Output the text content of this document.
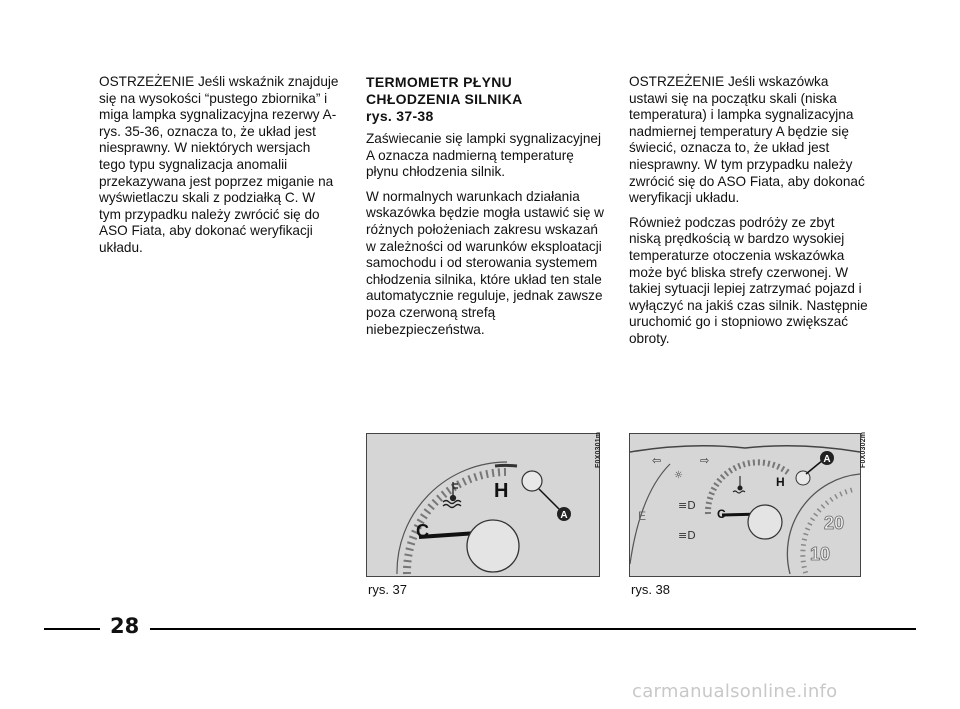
OSTRZEŻENIE Jeśli wskaźnik znajduje się na wysokości “pustego zbiornika” i miga lampka sygnalizacyjna rezerwy A-rys. 35-36, oznacza to, że układ jest niesprawny. W niektórych wersjach tego typu sygnalizacja anomalii przekazywana jest poprzez miganie na wyświetlaczu skali z podziałką C. W tym przypadku należy zwrócić się do ASO Fiata, aby dokonać weryfikacji układu.

TERMOMETR PŁYNU
CHŁODZENIA SILNIKA
rys. 37-38

Zaświecanie się lampki sygnalizacyjnej A oznacza nadmierną temperaturę płynu chłodzenia silnik.

W normalnych warunkach działania wskazówka będzie mogła ustawić się w różnych położeniach zakresu wskazań w zależności od warunków eksploatacji samochodu i od sterowania systemem chłodzenia silnika, które układ ten stale automatycznie reguluje, jednak zawsze poza czerwoną strefą niebezpieczeństwa.

OSTRZEŻENIE Jeśli wskazówka ustawi się na początku skali (niska temperatura) i lampka sygnalizacyjna nadmiernej temperatury A będzie się świecić, oznacza to, że układ jest niesprawny. W tym przypadku należy zwrócić się do ASO Fiata, aby dokonać weryfikacji układu.

Również podczas podróży ze zbyt niską prędkością w bardzo wysokiej temperaturze otoczenia wskazówka może być bliska strefy czerwonej. W takiej sytuacji lepiej zatrzymać pojazd i wyłączyć na jakiś czas silnik. Następnie uruchomić go i stopniowo zwiększać obroty.

A
H
C
F0X0301m
rys. 37
⇦	⇨
☼
≡D
≡D
A
H
C
E	20
10
F0X0302m
rys. 38
28
carmanualsonline.info
